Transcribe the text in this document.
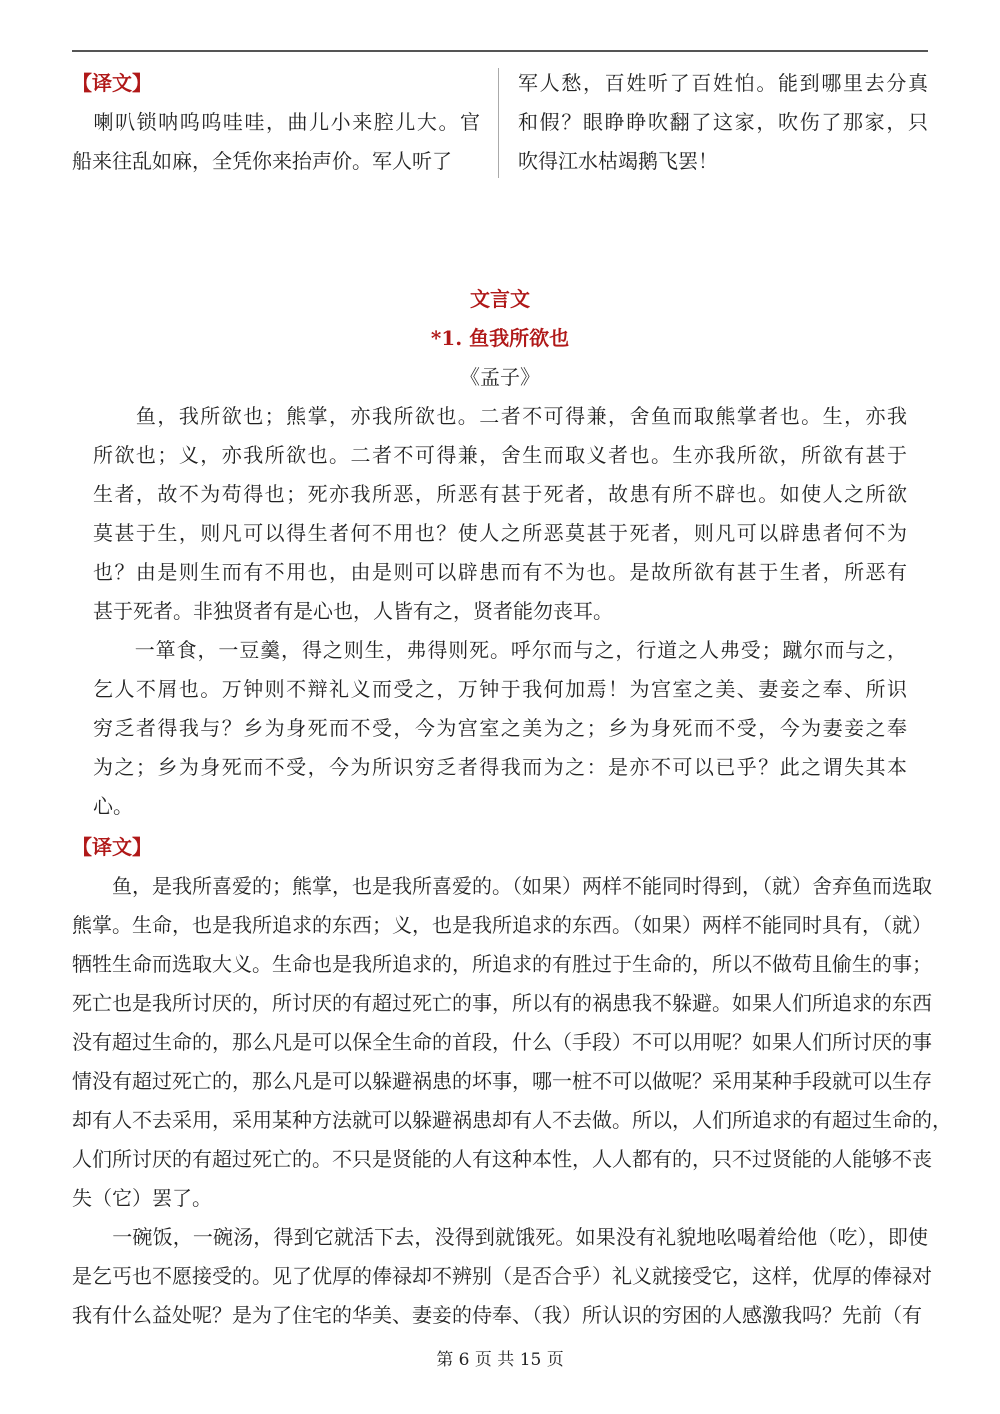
【译文】
　喇叭锁呐呜呜哇哇，曲儿小来腔儿大。官
船来往乱如麻，全凭你来抬声价。军人听了
军人愁，百姓听了百姓怕。能到哪里去分真
和假？眼睁睁吹翻了这家，吹伤了那家，只
吹得江水枯竭鹅飞罢！
文言文
*1. 鱼我所欲也
《孟子》
　　鱼，我所欲也；熊掌，亦我所欲也。二者不可得兼，舍鱼而取熊掌者也。生，亦我
所欲也；义，亦我所欲也。二者不可得兼，舍生而取义者也。生亦我所欲，所欲有甚于
生者，故不为苟得也；死亦我所恶，所恶有甚于死者，故患有所不辟也。如使人之所欲
莫甚于生，则凡可以得生者何不用也？使人之所恶莫甚于死者，则凡可以辟患者何不为
也？由是则生而有不用也，由是则可以辟患而有不为也。是故所欲有甚于生者，所恶有
甚于死者。非独贤者有是心也，人皆有之，贤者能勿丧耳。
　　一箪食，一豆羹，得之则生，弗得则死。呼尔而与之，行道之人弗受；蹴尔而与之，
乞人不屑也。万钟则不辩礼义而受之，万钟于我何加焉！为宫室之美、妻妾之奉、所识
穷乏者得我与？乡为身死而不受，今为宫室之美为之；乡为身死而不受，今为妻妾之奉
为之；乡为身死而不受，今为所识穷乏者得我而为之：是亦不可以已乎？此之谓失其本
心。
【译文】
　　鱼，是我所喜爱的；熊掌，也是我所喜爱的。（如果）两样不能同时得到，（就）舍弃鱼而选取
熊掌。生命，也是我所追求的东西；义，也是我所追求的东西。（如果）两样不能同时具有，（就）
牺牲生命而选取大义。生命也是我所追求的，所追求的有胜过于生命的，所以不做苟且偷生的事；
死亡也是我所讨厌的，所讨厌的有超过死亡的事，所以有的祸患我不躲避。如果人们所追求的东西
没有超过生命的，那么凡是可以保全生命的首段，什么（手段）不可以用呢？如果人们所讨厌的事
情没有超过死亡的，那么凡是可以躲避祸患的坏事，哪一桩不可以做呢？采用某种手段就可以生存
却有人不去采用，采用某种方法就可以躲避祸患却有人不去做。所以，人们所追求的有超过生命的，
人们所讨厌的有超过死亡的。不只是贤能的人有这种本性，人人都有的，只不过贤能的人能够不丧
失（它）罢了。
　　一碗饭，一碗汤，得到它就活下去，没得到就饿死。如果没有礼貌地吆喝着给他（吃），即使
是乞丐也不愿接受的。见了优厚的俸禄却不辨别（是否合乎）礼义就接受它，这样，优厚的俸禄对
我有什么益处呢？是为了住宅的华美、妻妾的侍奉、（我）所认识的穷困的人感激我吗？先前（有
第 6 页 共 15 页
